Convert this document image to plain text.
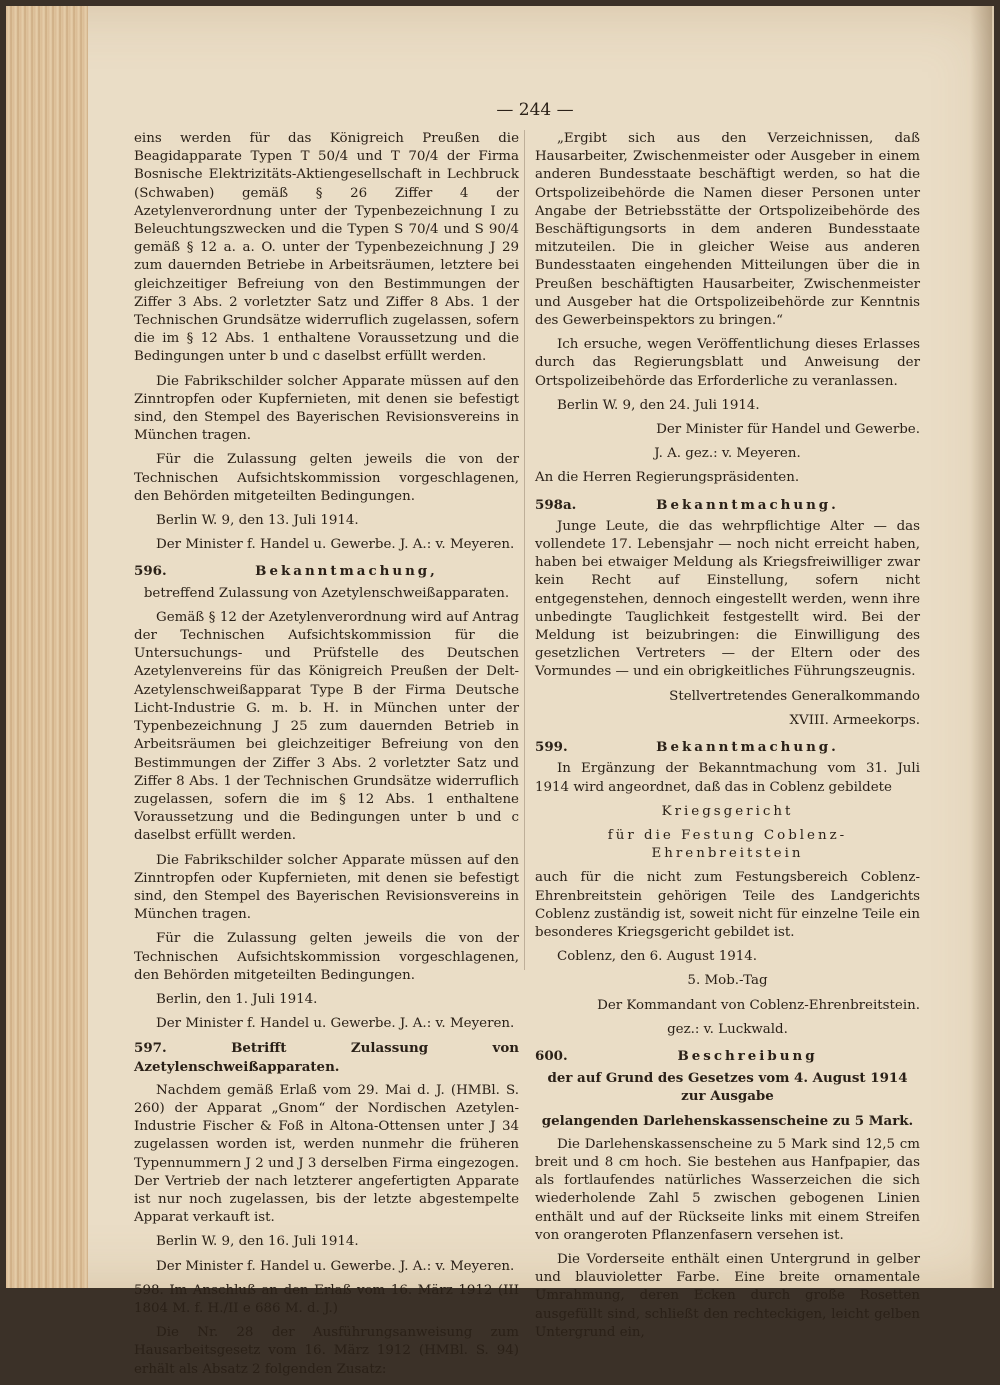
— 244 —

eins werden für das Königreich Preußen die Beagidapparate Typen T 50/4 und T 70/4 der Firma Bosnische Elektrizitäts-Aktiengesellschaft in Lechbruck (Schwaben) gemäß § 26 Ziffer 4 der Azetylenverordnung unter der Typenbezeichnung I zu Beleuchtungszwecken und die Typen S 70/4 und S 90/4 gemäß § 12 a. a. O. unter der Typenbezeichnung J 29 zum dauernden Betriebe in Arbeitsräumen, letztere bei gleichzeitiger Befreiung von den Bestimmungen der Ziffer 3 Abs. 2 vorletzter Satz und Ziffer 8 Abs. 1 der Technischen Grundsätze widerruflich zugelassen, sofern die im § 12 Abs. 1 enthaltene Voraussetzung und die Bedingungen unter b und c daselbst erfüllt werden.

Die Fabrikschilder solcher Apparate müssen auf den Zinntropfen oder Kupfernieten, mit denen sie befestigt sind, den Stempel des Bayerischen Revisionsvereins in München tragen.

Für die Zulassung gelten jeweils die von der Technischen Aufsichtskommission vorgeschlagenen, den Behörden mitgeteilten Bedingungen.

Berlin W. 9, den 13. Juli 1914.
Der Minister f. Handel u. Gewerbe. J. A.: v. Meyeren.
596.	Bekanntmachung,
betreffend Zulassung von Azetylenschweißapparaten.

Gemäß § 12 der Azetylenverordnung wird auf Antrag der Technischen Aufsichtskommission für die Untersuchungs- und Prüfstelle des Deutschen Azetylenvereins für das Königreich Preußen der Delt-Azetylenschweißapparat Type B der Firma Deutsche Licht-Industrie G. m. b. H. in München unter der Typenbezeichnung J 25 zum dauernden Betrieb in Arbeitsräumen bei gleichzeitiger Befreiung von den Bestimmungen der Ziffer 3 Abs. 2 vorletzter Satz und Ziffer 8 Abs. 1 der Technischen Grundsätze widerruflich zugelassen, sofern die im § 12 Abs. 1 enthaltene Voraussetzung und die Bedingungen unter b und c daselbst erfüllt werden.

Die Fabrikschilder solcher Apparate müssen auf den Zinntropfen oder Kupfernieten, mit denen sie befestigt sind, den Stempel des Bayerischen Revisionsvereins in München tragen.

Für die Zulassung gelten jeweils die von der Technischen Aufsichtskommission vorgeschlagenen, den Behörden mitgeteilten Bedingungen.

Berlin, den 1. Juli 1914.
Der Minister f. Handel u. Gewerbe. J. A.: v. Meyeren.
597. Betrifft Zulassung von Azetylenschweißapparaten.

Nachdem gemäß Erlaß vom 29. Mai d. J. (HMBl. S. 260) der Apparat „Gnom“ der Nordischen Azetylen-Industrie Fischer & Foß in Altona-Ottensen unter J 34 zugelassen worden ist, werden nunmehr die früheren Typennummern J 2 und J 3 derselben Firma eingezogen. Der Vertrieb der nach letzterer angefertigten Apparate ist nur noch zugelassen, bis der letzte abgestempelte Apparat verkauft ist.

Berlin W. 9, den 16. Juli 1914.
Der Minister f. Handel u. Gewerbe. J. A.: v. Meyeren.

598. Im Anschluß an den Erlaß vom 16. März 1912 (III 1804 M. f. H./II e 686 M. d. J.)

Die Nr. 28 der Ausführungsanweisung zum Hausarbeitsgesetz vom 16. März 1912 (HMBl. S. 94) erhält als Absatz 2 folgenden Zusatz:

„Ergibt sich aus den Verzeichnissen, daß Hausarbeiter, Zwischenmeister oder Ausgeber in einem anderen Bundesstaate beschäftigt werden, so hat die Ortspolizeibehörde die Namen dieser Personen unter Angabe der Betriebsstätte der Ortspolizeibehörde des Beschäftigungsorts in dem anderen Bundesstaate mitzuteilen. Die in gleicher Weise aus anderen Bundesstaaten eingehenden Mitteilungen über die in Preußen beschäftigten Hausarbeiter, Zwischenmeister und Ausgeber hat die Ortspolizeibehörde zur Kenntnis des Gewerbeinspektors zu bringen.“

Ich ersuche, wegen Veröffentlichung dieses Erlasses durch das Regierungsblatt und Anweisung der Ortspolizeibehörde das Erforderliche zu veranlassen.

Berlin W. 9, den 24. Juli 1914.
Der Minister für Handel und Gewerbe.
J. A. gez.: v. Meyeren.

An die Herren Regierungspräsidenten.

598a.	Bekanntmachung.

Junge Leute, die das wehrpflichtige Alter — das vollendete 17. Lebensjahr — noch nicht erreicht haben, haben bei etwaiger Meldung als Kriegsfreiwilliger zwar kein Recht auf Einstellung, sofern nicht entgegenstehen, dennoch eingestellt werden, wenn ihre unbedingte Tauglichkeit festgestellt wird. Bei der Meldung ist beizubringen: die Einwilligung des gesetzlichen Vertreters — der Eltern oder des Vormundes — und ein obrigkeitliches Führungszeugnis.

Stellvertretendes Generalkommando
XVIII. Armeekorps.
599.	Bekanntmachung.

In Ergänzung der Bekanntmachung vom 31. Juli 1914 wird angeordnet, daß das in Coblenz gebildete

Kriegsgericht
für die Festung Coblenz-Ehrenbreitstein

auch für die nicht zum Festungsbereich Coblenz-Ehrenbreitstein gehörigen Teile des Landgerichts Coblenz zuständig ist, soweit nicht für einzelne Teile ein besonderes Kriegsgericht gebildet ist.

Coblenz, den 6. August 1914.
5. Mob.-Tag
Der Kommandant von Coblenz-Ehrenbreitstein.
gez.: v. Luckwald.
600.	Beschreibung
der auf Grund des Gesetzes vom 4. August 1914 zur Ausgabe
gelangenden Darlehenskassenscheine zu 5 Mark.

Die Darlehenskassenscheine zu 5 Mark sind 12,5 cm breit und 8 cm hoch. Sie bestehen aus Hanfpapier, das als fortlaufendes natürliches Wasserzeichen die sich wiederholende Zahl 5 zwischen gebogenen Linien enthält und auf der Rückseite links mit einem Streifen von orangeroten Pflanzenfasern versehen ist.

Die Vorderseite enthält einen Untergrund in gelber und blauvioletter Farbe. Eine breite ornamentale Umrahmung, deren Ecken durch große Rosetten ausgefüllt sind, schließt den rechteckigen, leicht gelben Untergrund ein,
